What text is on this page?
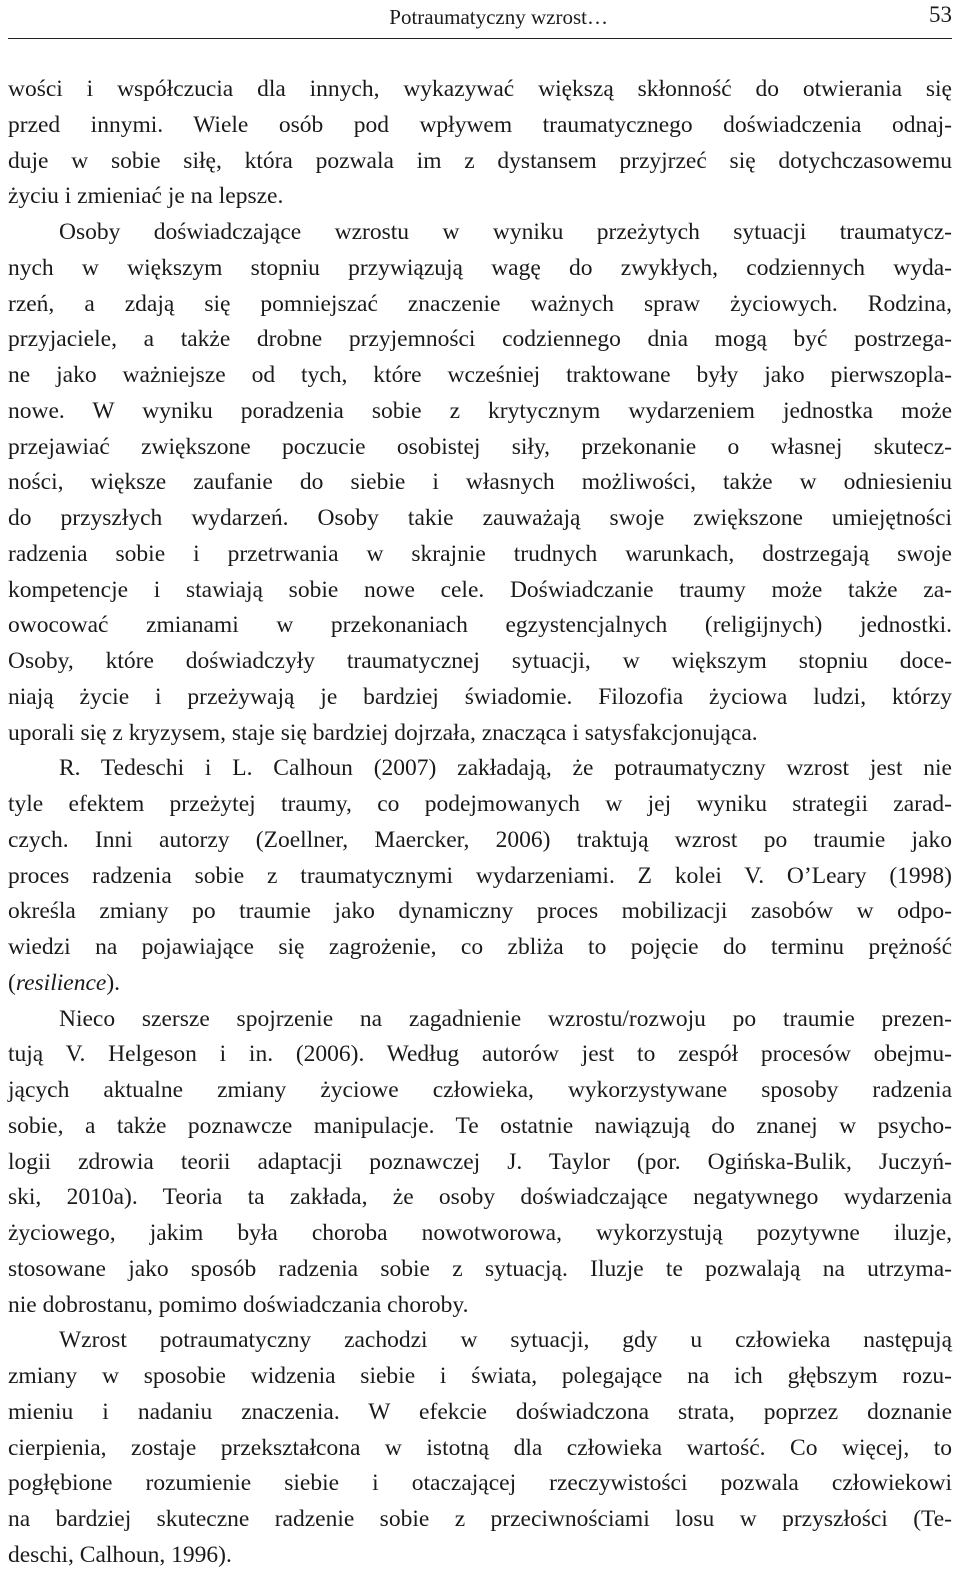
Potraumatyczny wzrost…	53
wości i współczucia dla innych, wykazywać większą skłonność do otwierania się
przed innymi. Wiele osób pod wpływem traumatycznego doświadczenia odnaj-
duje w sobie siłę, która pozwala im z dystansem przyjrzeć się dotychczasowemu
życiu i zmieniać je na lepsze.
Osoby doświadczające wzrostu w wyniku przeżytych sytuacji traumatycz-
nych w większym stopniu przywiązują wagę do zwykłych, codziennych wyda-
rzeń, a zdają się pomniejszać znaczenie ważnych spraw życiowych. Rodzina,
przyjaciele, a także drobne przyjemności codziennego dnia mogą być postrzega-
ne jako ważniejsze od tych, które wcześniej traktowane były jako pierwszopla-
nowe. W wyniku poradzenia sobie z krytycznym wydarzeniem jednostka może
przejawiać zwiększone poczucie osobistej siły, przekonanie o własnej skutecz-
ności, większe zaufanie do siebie i własnych możliwości, także w odniesieniu
do przyszłych wydarzeń. Osoby takie zauważają swoje zwiększone umiejętności
radzenia sobie i przetrwania w skrajnie trudnych warunkach, dostrzegają swoje
kompetencje i stawiają sobie nowe cele. Doświadczanie traumy może także za-
owocować zmianami w przekonaniach egzystencjalnych (religijnych) jednostki.
Osoby, które doświadczyły traumatycznej sytuacji, w większym stopniu doce-
niają życie i przeżywają je bardziej świadomie. Filozofia życiowa ludzi, którzy
uporali się z kryzysem, staje się bardziej dojrzała, znacząca i satysfakcjonująca.
R. Tedeschi i L. Calhoun (2007) zakładają, że potraumatyczny wzrost jest nie
tyle efektem przeżytej traumy, co podejmowanych w jej wyniku strategii zarad-
czych. Inni autorzy (Zoellner, Maercker, 2006) traktują wzrost po traumie jako
proces radzenia sobie z traumatycznymi wydarzeniami. Z kolei V. O’Leary (1998)
określa zmiany po traumie jako dynamiczny proces mobilizacji zasobów w odpo-
wiedzi na pojawiające się zagrożenie, co zbliża to pojęcie do terminu prężność
(resilience).
Nieco szersze spojrzenie na zagadnienie wzrostu/rozwoju po traumie prezen-
tują V. Helgeson i in. (2006). Według autorów jest to zespół procesów obejmu-
jących aktualne zmiany życiowe człowieka, wykorzystywane sposoby radzenia
sobie, a także poznawcze manipulacje. Te ostatnie nawiązują do znanej w psycho-
logii zdrowia teorii adaptacji poznawczej J. Taylor (por. Ogińska-Bulik, Juczyń-
ski, 2010a). Teoria ta zakłada, że osoby doświadczające negatywnego wydarzenia
życiowego, jakim była choroba nowotworowa, wykorzystują pozytywne iluzje,
stosowane jako sposób radzenia sobie z sytuacją. Iluzje te pozwalają na utrzyma-
nie dobrostanu, pomimo doświadczania choroby.
Wzrost potraumatyczny zachodzi w sytuacji, gdy u człowieka następują
zmiany w sposobie widzenia siebie i świata, polegające na ich głębszym rozu-
mieniu i nadaniu znaczenia. W efekcie doświadczona strata, poprzez doznanie
cierpienia, zostaje przekształcona w istotną dla człowieka wartość. Co więcej, to
pogłębione rozumienie siebie i otaczającej rzeczywistości pozwala człowiekowi
na bardziej skuteczne radzenie sobie z przeciwnościami losu w przyszłości (Te-
deschi, Calhoun, 1996).
